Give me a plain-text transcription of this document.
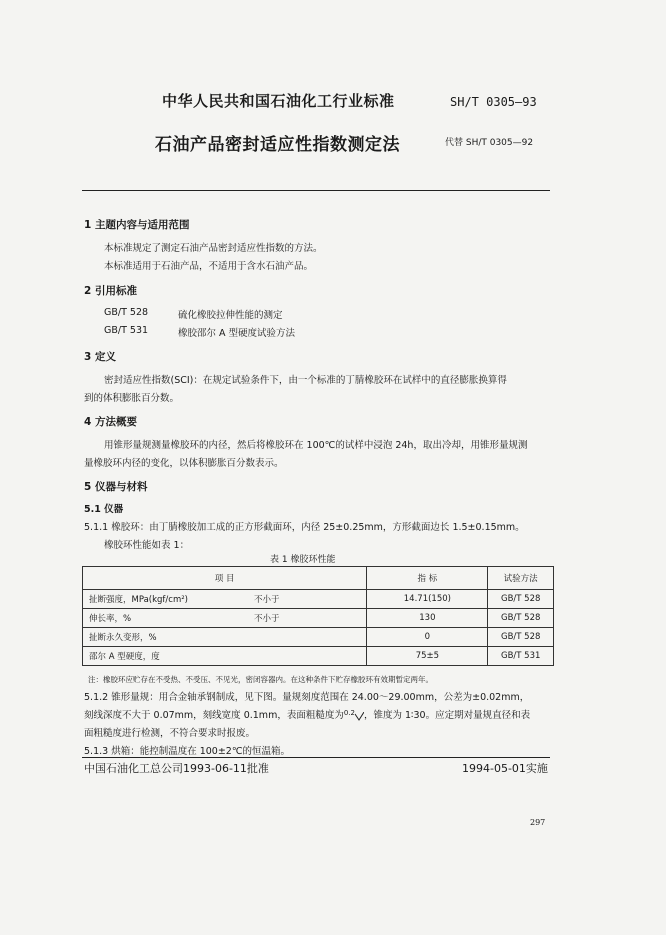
中华人民共和国石油化工行业标准	SH/T 0305—93
石油产品密封适应性指数测定法	代替 SH/T 0305—92
1 主题内容与适用范围
本标准规定了测定石油产品密封适应性指数的方法。
本标准适用于石油产品，不适用于含水石油产品。
2 引用标准
GB/T 528	硫化橡胶拉伸性能的测定
GB/T 531	橡胶邵尔 A 型硬度试验方法
3 定义
密封适应性指数(SCI)：在规定试验条件下，由一个标准的丁腈橡胶环在试样中的直径膨胀换算得
到的体积膨胀百分数。
4 方法概要
用锥形量规测量橡胶环的内径，然后将橡胶环在 100℃的试样中浸泡 24h，取出冷却，用锥形量规测
量橡胶环内径的变化，以体积膨胀百分数表示。
5 仪器与材料
5.1 仪器
5.1.1 橡胶环：由丁腈橡胶加工成的正方形截面环，内径 25±0.25mm，方形截面边长 1.5±0.15mm。
橡胶环性能如表 1：
表 1 橡胶环性能
项 目		指 标	试验方法
扯断强度，MPa(kgf/cm²)	不小于	14.71(150)	GB/T 528
伸长率，%	不小于	130	GB/T 528
扯断永久变形，%		0	GB/T 528
邵尔 A 型硬度，度		75±5	GB/T 531
注：橡胶环应贮存在不受热、不受压、不见光，密闭容器内。在这种条件下贮存橡胶环有效期暂定两年。
5.1.2 锥形量规：用合金轴承钢制成，见下图。量规刻度范围在 24.00～29.00mm，公差为±0.02mm，
刻线深度不大于 0.07mm，刻线宽度 0.1mm，表面粗糙度为0.2 ，锥度为 1∶30。应定期对量规直径和表
面粗糙度进行检测，不符合要求时报废。
5.1.3 烘箱：能控制温度在 100±2℃的恒温箱。
中国石油化工总公司1993-06-11批准	1994-05-01实施
297
